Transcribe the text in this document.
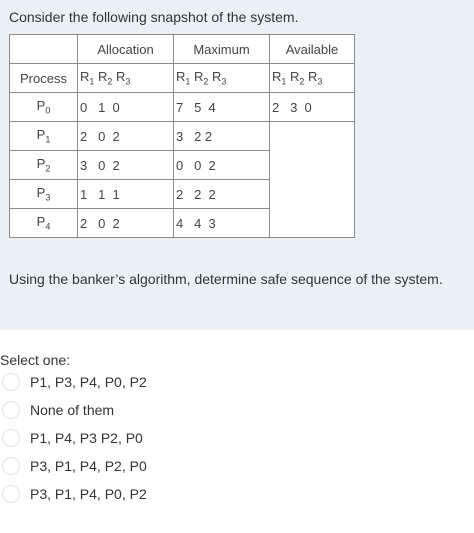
Consider the following snapshot of the system.
	Allocation	Maximum	Available
Process	$R_1$ $R_2$ $R_3$	$R_1$ $R_2$ $R_3$	$R_1$ $R_2$ $R_3$
$P_0$	0   1  0	7   5  4	2   3  0
$P_1$	2   0  2	3   2 2	
$P_2$	3   0  2	0   0  2	
$P_3$	1   1  1	2   2  2	
$P_4$	2   0  2	4   4  3	
Using the banker’s algorithm, determine safe sequence of the system.
Select one:
P1, P3, P4, P0, P2
None of them
P1, P4, P3 P2, P0
P3, P1, P4, P2, P0
P3, P1, P4, P0, P2
